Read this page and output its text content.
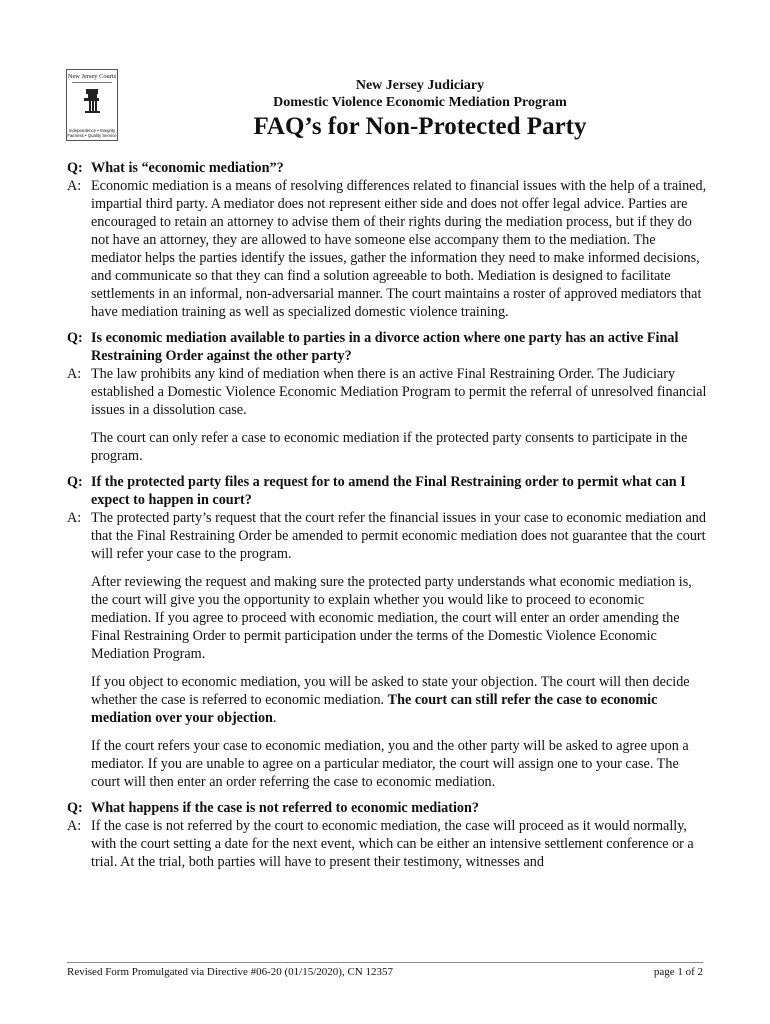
New Jersey Courts
Independence • Integrity
Fairness • Quality Service
New Jersey Judiciary
Domestic Violence Economic Mediation Program
FAQ’s for Non-Protected Party
Q: What is “economic mediation”?
A: Economic mediation is a means of resolving differences related to financial issues with the help of a trained, impartial third party. A mediator does not represent either side and does not offer legal advice. Parties are encouraged to retain an attorney to advise them of their rights during the mediation process, but if they do not have an attorney, they are allowed to have someone else accompany them to the mediation. The mediator helps the parties identify the issues, gather the information they need to make informed decisions, and communicate so that they can find a solution agreeable to both. Mediation is designed to facilitate settlements in an informal, non-adversarial manner. The court maintains a roster of approved mediators that have mediation training as well as specialized domestic violence training.
Q: Is economic mediation available to parties in a divorce action where one party has an active Final Restraining Order against the other party?
A: The law prohibits any kind of mediation when there is an active Final Restraining Order. The Judiciary established a Domestic Violence Economic Mediation Program to permit the referral of unresolved financial issues in a dissolution case.
The court can only refer a case to economic mediation if the protected party consents to participate in the program.
Q: If the protected party files a request for to amend the Final Restraining order to permit what can I expect to happen in court?
A: The protected party’s request that the court refer the financial issues in your case to economic mediation and that the Final Restraining Order be amended to permit economic mediation does not guarantee that the court will refer your case to the program.
After reviewing the request and making sure the protected party understands what economic mediation is, the court will give you the opportunity to explain whether you would like to proceed to economic mediation. If you agree to proceed with economic mediation, the court will enter an order amending the Final Restraining Order to permit participation under the terms of the Domestic Violence Economic Mediation Program.
If you object to economic mediation, you will be asked to state your objection. The court will then decide whether the case is referred to economic mediation. The court can still refer the case to economic mediation over your objection.
If the court refers your case to economic mediation, you and the other party will be asked to agree upon a mediator. If you are unable to agree on a particular mediator, the court will assign one to your case. The court will then enter an order referring the case to economic mediation.
Q: What happens if the case is not referred to economic mediation?
A: If the case is not referred by the court to economic mediation, the case will proceed as it would normally, with the court setting a date for the next event, which can be either an intensive settlement conference or a trial. At the trial, both parties will have to present their testimony, witnesses and
Revised Form Promulgated via Directive #06-20 (01/15/2020), CN 12357	page 1 of 2
